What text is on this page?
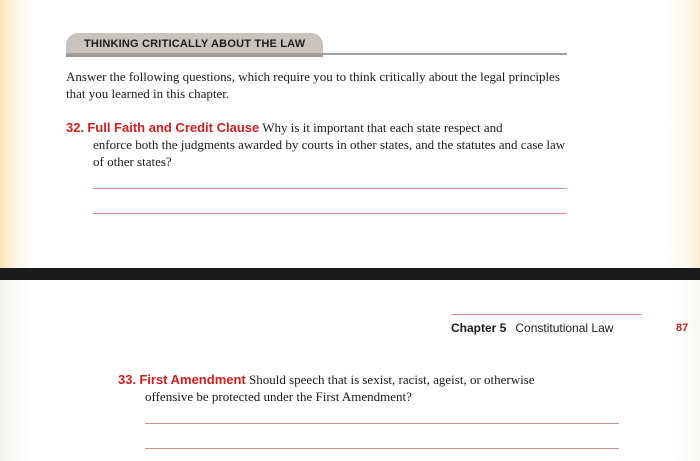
THINKING CRITICALLY ABOUT THE LAW
Answer the following questions, which require you to think critically about the legal principles that you learned in this chapter.
32. Full Faith and Credit Clause Why is it important that each state respect and
enforce both the judgments awarded by courts in other states, and the statutes and case law of other states?
Chapter 5 Constitutional Law	87
33. First Amendment Should speech that is sexist, racist, ageist, or otherwise
offensive be protected under the First Amendment?
